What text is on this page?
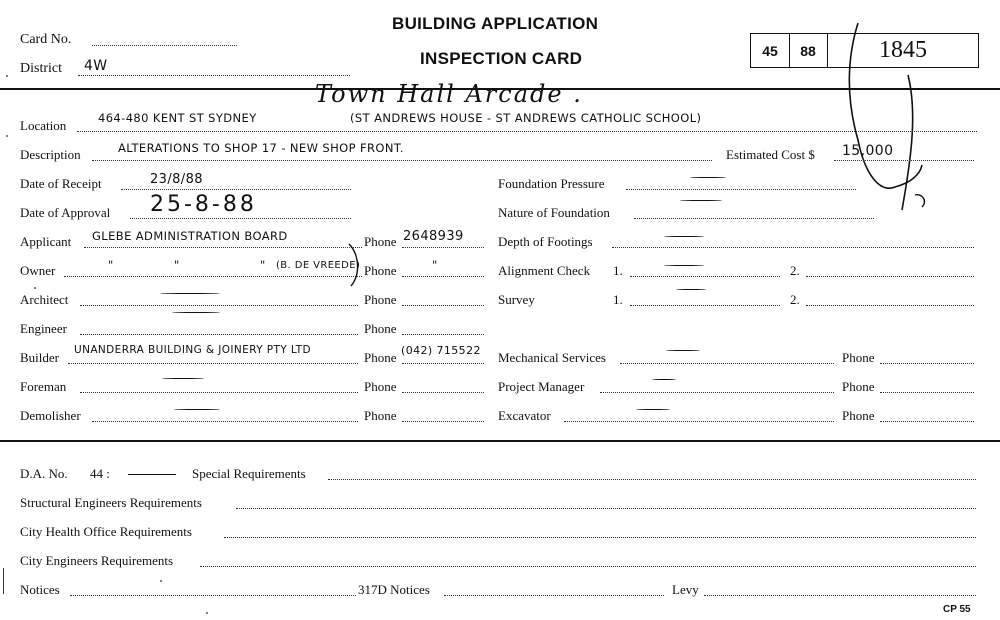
Card No.
District 4W
BUILDING APPLICATION
INSPECTION CARD	45	88	1845
Town Hall Arcade .
Location	464-480 KENT ST SYDNEY	(ST ANDREWS HOUSE - ST ANDREWS CATHOLIC SCHOOL)
Description	ALTERATIONS TO SHOP 17 - NEW SHOP FRONT.	Estimated Cost $ 15,000
Date of Receipt	23/8/88
Date of Approval 25-8-88
Applicant GLEBE ADMINISTRATION BOARD	Phone 2648939
Owner	"	"	" (B. DE VREEDE) Phone	"
Architect	Phone
Engineer	Phone
Builder UNANDERRA BUILDING & JOINERY PTY LTD	Phone (042) 715522
Foreman	Phone
Demolisher	Phone
Foundation Pressure
Nature of Foundation
Depth of Footings
Alignment Check 1.	2.
Survey	1.	2.
Mechanical Services	Phone
Project Manager	Phone
Excavator	Phone
D.A. No. 44 :	Special Requirements
Structural Engineers Requirements
City Health Office Requirements
City Engineers Requirements
Notices	317D Notices	Levy
CP 55
